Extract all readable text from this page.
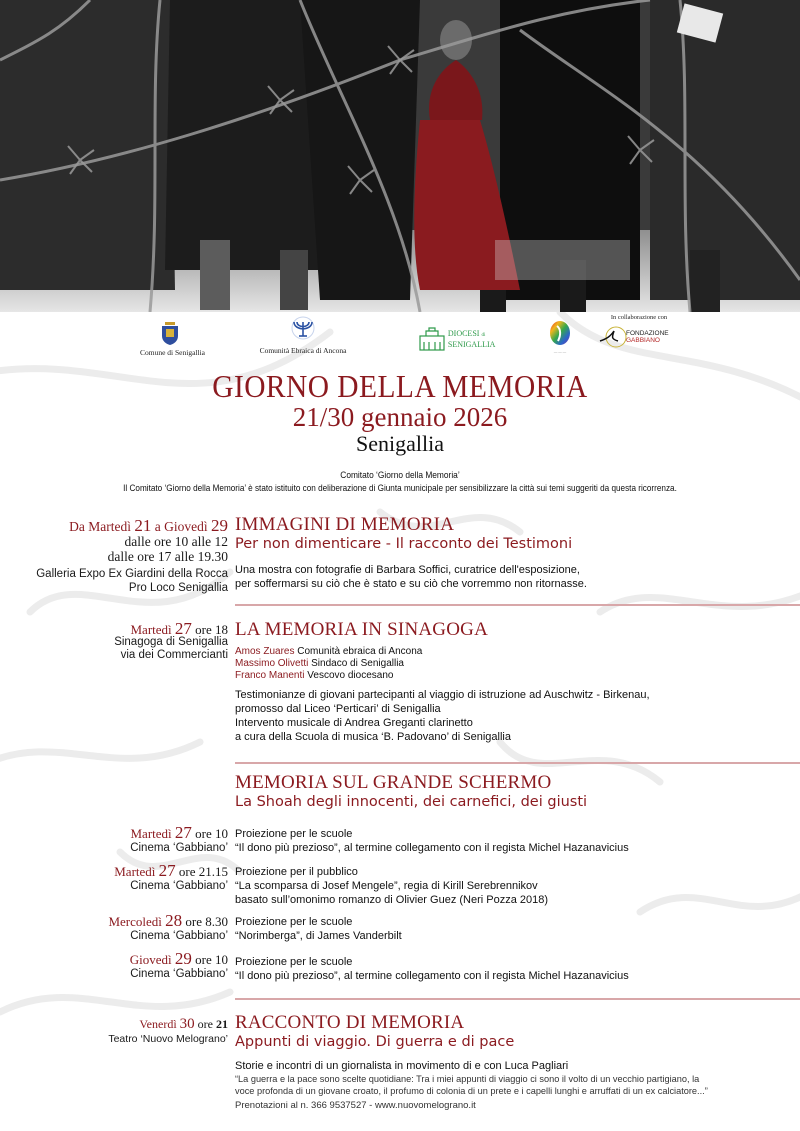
Comune di Senigallia	Comunità Ebraica di Ancona
DIOCESI di
SENIGALLIA
— — —
In collaborazione con
FONDAZIONE
GABBIANO
GIORNO DELLA MEMORIA
21/30 gennaio 2026
Senigallia
Comitato ‘Giorno della Memoria’
Il Comitato ‘Giorno della Memoria’ è stato istituito con deliberazione di Giunta municipale per sensibilizzare la città sui temi suggeriti da questa ricorrenza.
Da Martedì 21 a Giovedì 29
dalle ore 10 alle 12
dalle ore 17 alle 19.30
Galleria Expo Ex Giardini della Rocca
Pro Loco Senigallia
IMMAGINI DI MEMORIA
Per non dimenticare - Il racconto dei Testimoni
Una mostra con fotografie di Barbara Soffici, curatrice dell'esposizione,
per soffermarsi su ciò che è stato e su ciò che vorremmo non ritornasse.
Martedì 27 ore 18
Sinagoga di Senigallia
via dei Commercianti
LA MEMORIA IN SINAGOGA
Amos Zuares Comunità ebraica di Ancona
Massimo Olivetti Sindaco di Senigallia
Franco Manenti Vescovo diocesano
Testimonianze di giovani partecipanti al viaggio di istruzione ad Auschwitz - Birkenau,
promosso dal Liceo ‘Perticari’ di Senigallia
Intervento musicale di Andrea Greganti clarinetto
a cura della Scuola di musica ‘B. Padovano’ di Senigallia
MEMORIA SUL GRANDE SCHERMO
La Shoah degli innocenti, dei carnefici, dei giusti
Martedì 27 ore 10
Cinema ‘Gabbiano’
Proiezione per le scuole
“Il dono più prezioso”, al termine collegamento con il regista Michel Hazanavicius
Martedì 27 ore 21.15
Cinema ‘Gabbiano’
Proiezione per il pubblico
“La scomparsa di Josef Mengele”, regia di Kirill Serebrennikov
basato sull’omonimo romanzo di Olivier Guez (Neri Pozza 2018)
Mercoledì 28 ore 8.30
Cinema ‘Gabbiano’
Proiezione per le scuole
“Norimberga”, di James Vanderbilt
Giovedì 29 ore 10
Cinema ‘Gabbiano’
Proiezione per le scuole
“Il dono più prezioso”, al termine collegamento con il regista Michel Hazanavicius
Venerdì 30 ore 21
Teatro ‘Nuovo Melograno’
RACCONTO DI MEMORIA
Appunti di viaggio. Di guerra e di pace
Storie e incontri di un giornalista in movimento di e con Luca Pagliari
“La guerra e la pace sono scelte quotidiane: Tra i miei appunti di viaggio ci sono il volto di un vecchio partigiano, la
voce profonda di un giovane croato, il profumo di colonia di un prete e i capelli lunghi e arruffati di un ex calciatore...”
Prenotazioni al n. 366 9537527 - www.nuovomelograno.it
